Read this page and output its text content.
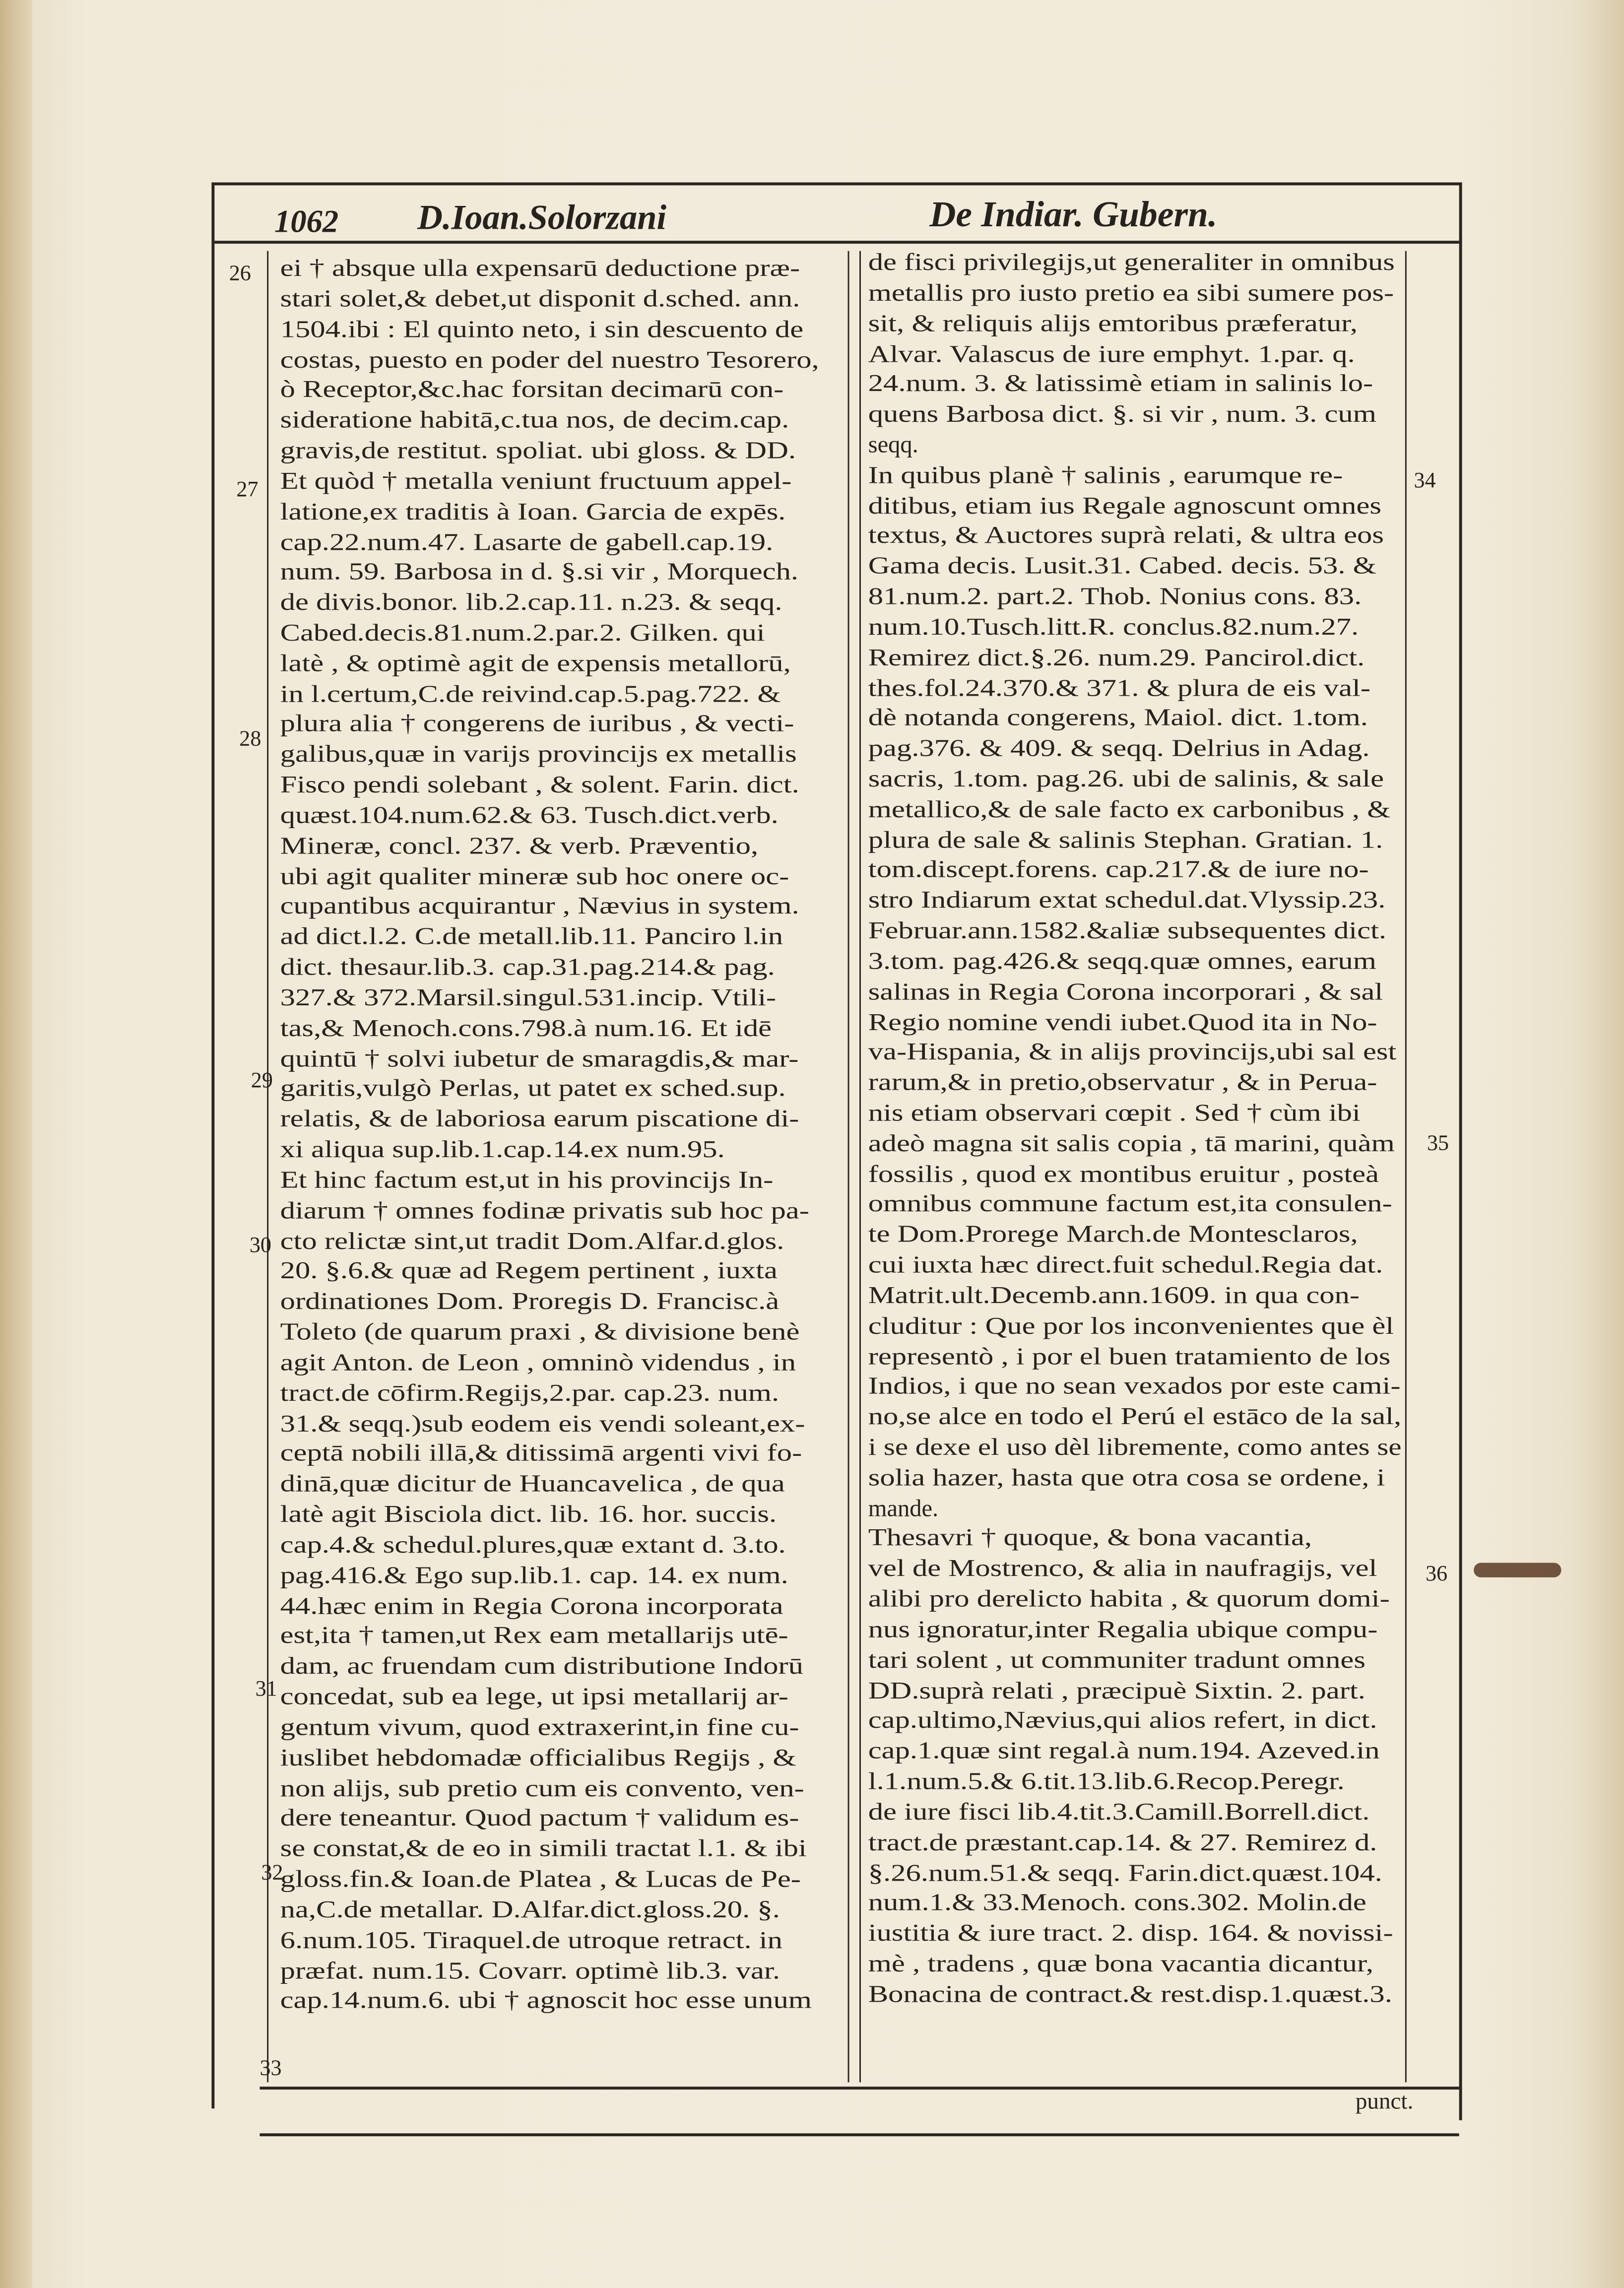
1062	D.Ioan.Solorzani	De Indiar. Gubern.
ei † absque ulla expensarū deductione præ-
stari solet,& debet,ut disponit d.sched. ann.
1504.ibi : El quinto neto, i sin descuento de
costas, puesto en poder del nuestro Tesorero,
ò Receptor,&c.hac forsitan decimarū con-
sideratione habitā,c.tua nos, de decim.cap.
gravis,de restitut. spoliat. ubi gloss. & DD.
Et quòd † metalla veniunt fructuum appel-
latione,ex traditis à Ioan. Garcia de expēs.
cap.22.num.47. Lasarte de gabell.cap.19.
num. 59. Barbosa in d. §.si vir , Morquech.
de divis.bonor. lib.2.cap.11. n.23. & seqq.
Cabed.decis.81.num.2.par.2. Gilken. qui
latè , & optimè agit de expensis metallorū,
in l.certum,C.de reivind.cap.5.pag.722. &
plura alia † congerens de iuribus , & vecti-
galibus,quæ in varijs provincijs ex metallis
Fisco pendi solebant , & solent. Farin. dict.
quæst.104.num.62.& 63. Tusch.dict.verb.
Mineræ, concl. 237. & verb. Præventio,
ubi agit qualiter mineræ sub hoc onere oc-
cupantibus acquirantur , Nævius in system.
ad dict.l.2. C.de metall.lib.11. Panciro l.in
dict. thesaur.lib.3. cap.31.pag.214.& pag.
327.& 372.Marsil.singul.531.incip. Vtili-
tas,& Menoch.cons.798.à num.16. Et idē
quintū † solvi iubetur de smaragdis,& mar-
garitis,vulgò Perlas, ut patet ex sched.sup.
relatis, & de laboriosa earum piscatione di-
xi aliqua sup.lib.1.cap.14.ex num.95.
Et hinc factum est,ut in his provincijs In-
diarum † omnes fodinæ privatis sub hoc pa-
cto relictæ sint,ut tradit Dom.Alfar.d.glos.
20. §.6.& quæ ad Regem pertinent , iuxta
ordinationes Dom. Proregis D. Francisc.à
Toleto (de quarum praxi , & divisione benè
agit Anton. de Leon , omninò videndus , in
tract.de cōfirm.Regijs,2.par. cap.23. num.
31.& seqq.)sub eodem eis vendi soleant,ex-
ceptā nobili illā,& ditissimā argenti vivi fo-
dinā,quæ dicitur de Huancavelica , de qua
latè agit Bisciola dict. lib. 16. hor. succis.
cap.4.& schedul.plures,quæ extant d. 3.to.
pag.416.& Ego sup.lib.1. cap. 14. ex num.
44.hæc enim in Regia Corona incorporata
est,ita † tamen,ut Rex eam metallarijs utē-
dam, ac fruendam cum distributione Indorū
concedat, sub ea lege, ut ipsi metallarij ar-
gentum vivum, quod extraxerint,in fine cu-
iuslibet hebdomadæ officialibus Regijs , &
non alijs, sub pretio cum eis convento, ven-
dere teneantur. Quod pactum † validum es-
se constat,& de eo in simili tractat l.1. & ibi
gloss.fin.& Ioan.de Platea , & Lucas de Pe-
na,C.de metallar. D.Alfar.dict.gloss.20. §.
6.num.105. Tiraquel.de utroque retract. in
præfat. num.15. Covarr. optimè lib.3. var.
cap.14.num.6. ubi † agnoscit hoc esse unum
de fisci privilegijs,ut generaliter in omnibus
metallis pro iusto pretio ea sibi sumere pos-
sit, & reliquis alijs emtoribus præferatur,
Alvar. Valascus de iure emphyt. 1.par. q.
24.num. 3. & latissimè etiam in salinis lo-
quens Barbosa dict. §. si vir , num. 3. cum
seqq.
In quibus planè † salinis , earumque re-
ditibus, etiam ius Regale agnoscunt omnes
textus, & Auctores suprà relati, & ultra eos
Gama decis. Lusit.31. Cabed. decis. 53. &
81.num.2. part.2. Thob. Nonius cons. 83.
num.10.Tusch.litt.R. conclus.82.num.27.
Remirez dict.§.26. num.29. Pancirol.dict.
thes.fol.24.370.& 371. & plura de eis val-
dè notanda congerens, Maiol. dict. 1.tom.
pag.376. & 409. & seqq. Delrius in Adag.
sacris, 1.tom. pag.26. ubi de salinis, & sale
metallico,& de sale facto ex carbonibus , &
plura de sale & salinis Stephan. Gratian. 1.
tom.discept.forens. cap.217.& de iure no-
stro Indiarum extat schedul.dat.Vlyssip.23.
Februar.ann.1582.&aliæ subsequentes dict.
3.tom. pag.426.& seqq.quæ omnes, earum
salinas in Regia Corona incorporari , & sal
Regio nomine vendi iubet.Quod ita in No-
va-Hispania, & in alijs provincijs,ubi sal est
rarum,& in pretio,observatur , & in Peruа-
nis etiam observari cœpit . Sed † cùm ibi
adeò magna sit salis copia , tā marini, quàm
fossilis , quod ex montibus eruitur , posteà
omnibus commune factum est,ita consulen-
te Dom.Prorege March.de Montesclaros,
cui iuxta hæc direct.fuit schedul.Regia dat.
Matrit.ult.Decemb.ann.1609. in qua con-
cluditur : Que por los inconvenientes que èl
representò , i por el buen tratamiento de los
Indios, i que no sean vexados por este cami-
no,se alce en todo el Perú el estāco de la sal,
i se dexe el uso dèl libremente, como antes se
solia hazer, hasta que otra cosa se ordene, i
mande.
Thesavri † quoque, & bona vacantia,
vel de Mostrenco, & alia in naufragijs, vel
alibi pro derelicto habita , & quorum domi-
nus ignoratur,inter Regalia ubique compu-
tari solent , ut communiter tradunt omnes
DD.suprà relati , præcipuè Sixtin. 2. part.
cap.ultimo,Nævius,qui alios refert, in dict.
cap.1.quæ sint regal.à num.194. Azeved.in
l.1.num.5.& 6.tit.13.lib.6.Recop.Peregr.
de iure fisci lib.4.tit.3.Camill.Borrell.dict.
tract.de præstant.cap.14. & 27. Remirez d.
§.26.num.51.& seqq. Farin.dict.quæst.104.
num.1.& 33.Menoch. cons.302. Molin.de
iustitia & iure tract. 2. disp. 164. & novissi-
mè , tradens , quæ bona vacantia dicantur,
Bonacina de contract.& rest.disp.1.quæst.3.
26
27
28
29
30
31
32
33
34
35
36
punct.
